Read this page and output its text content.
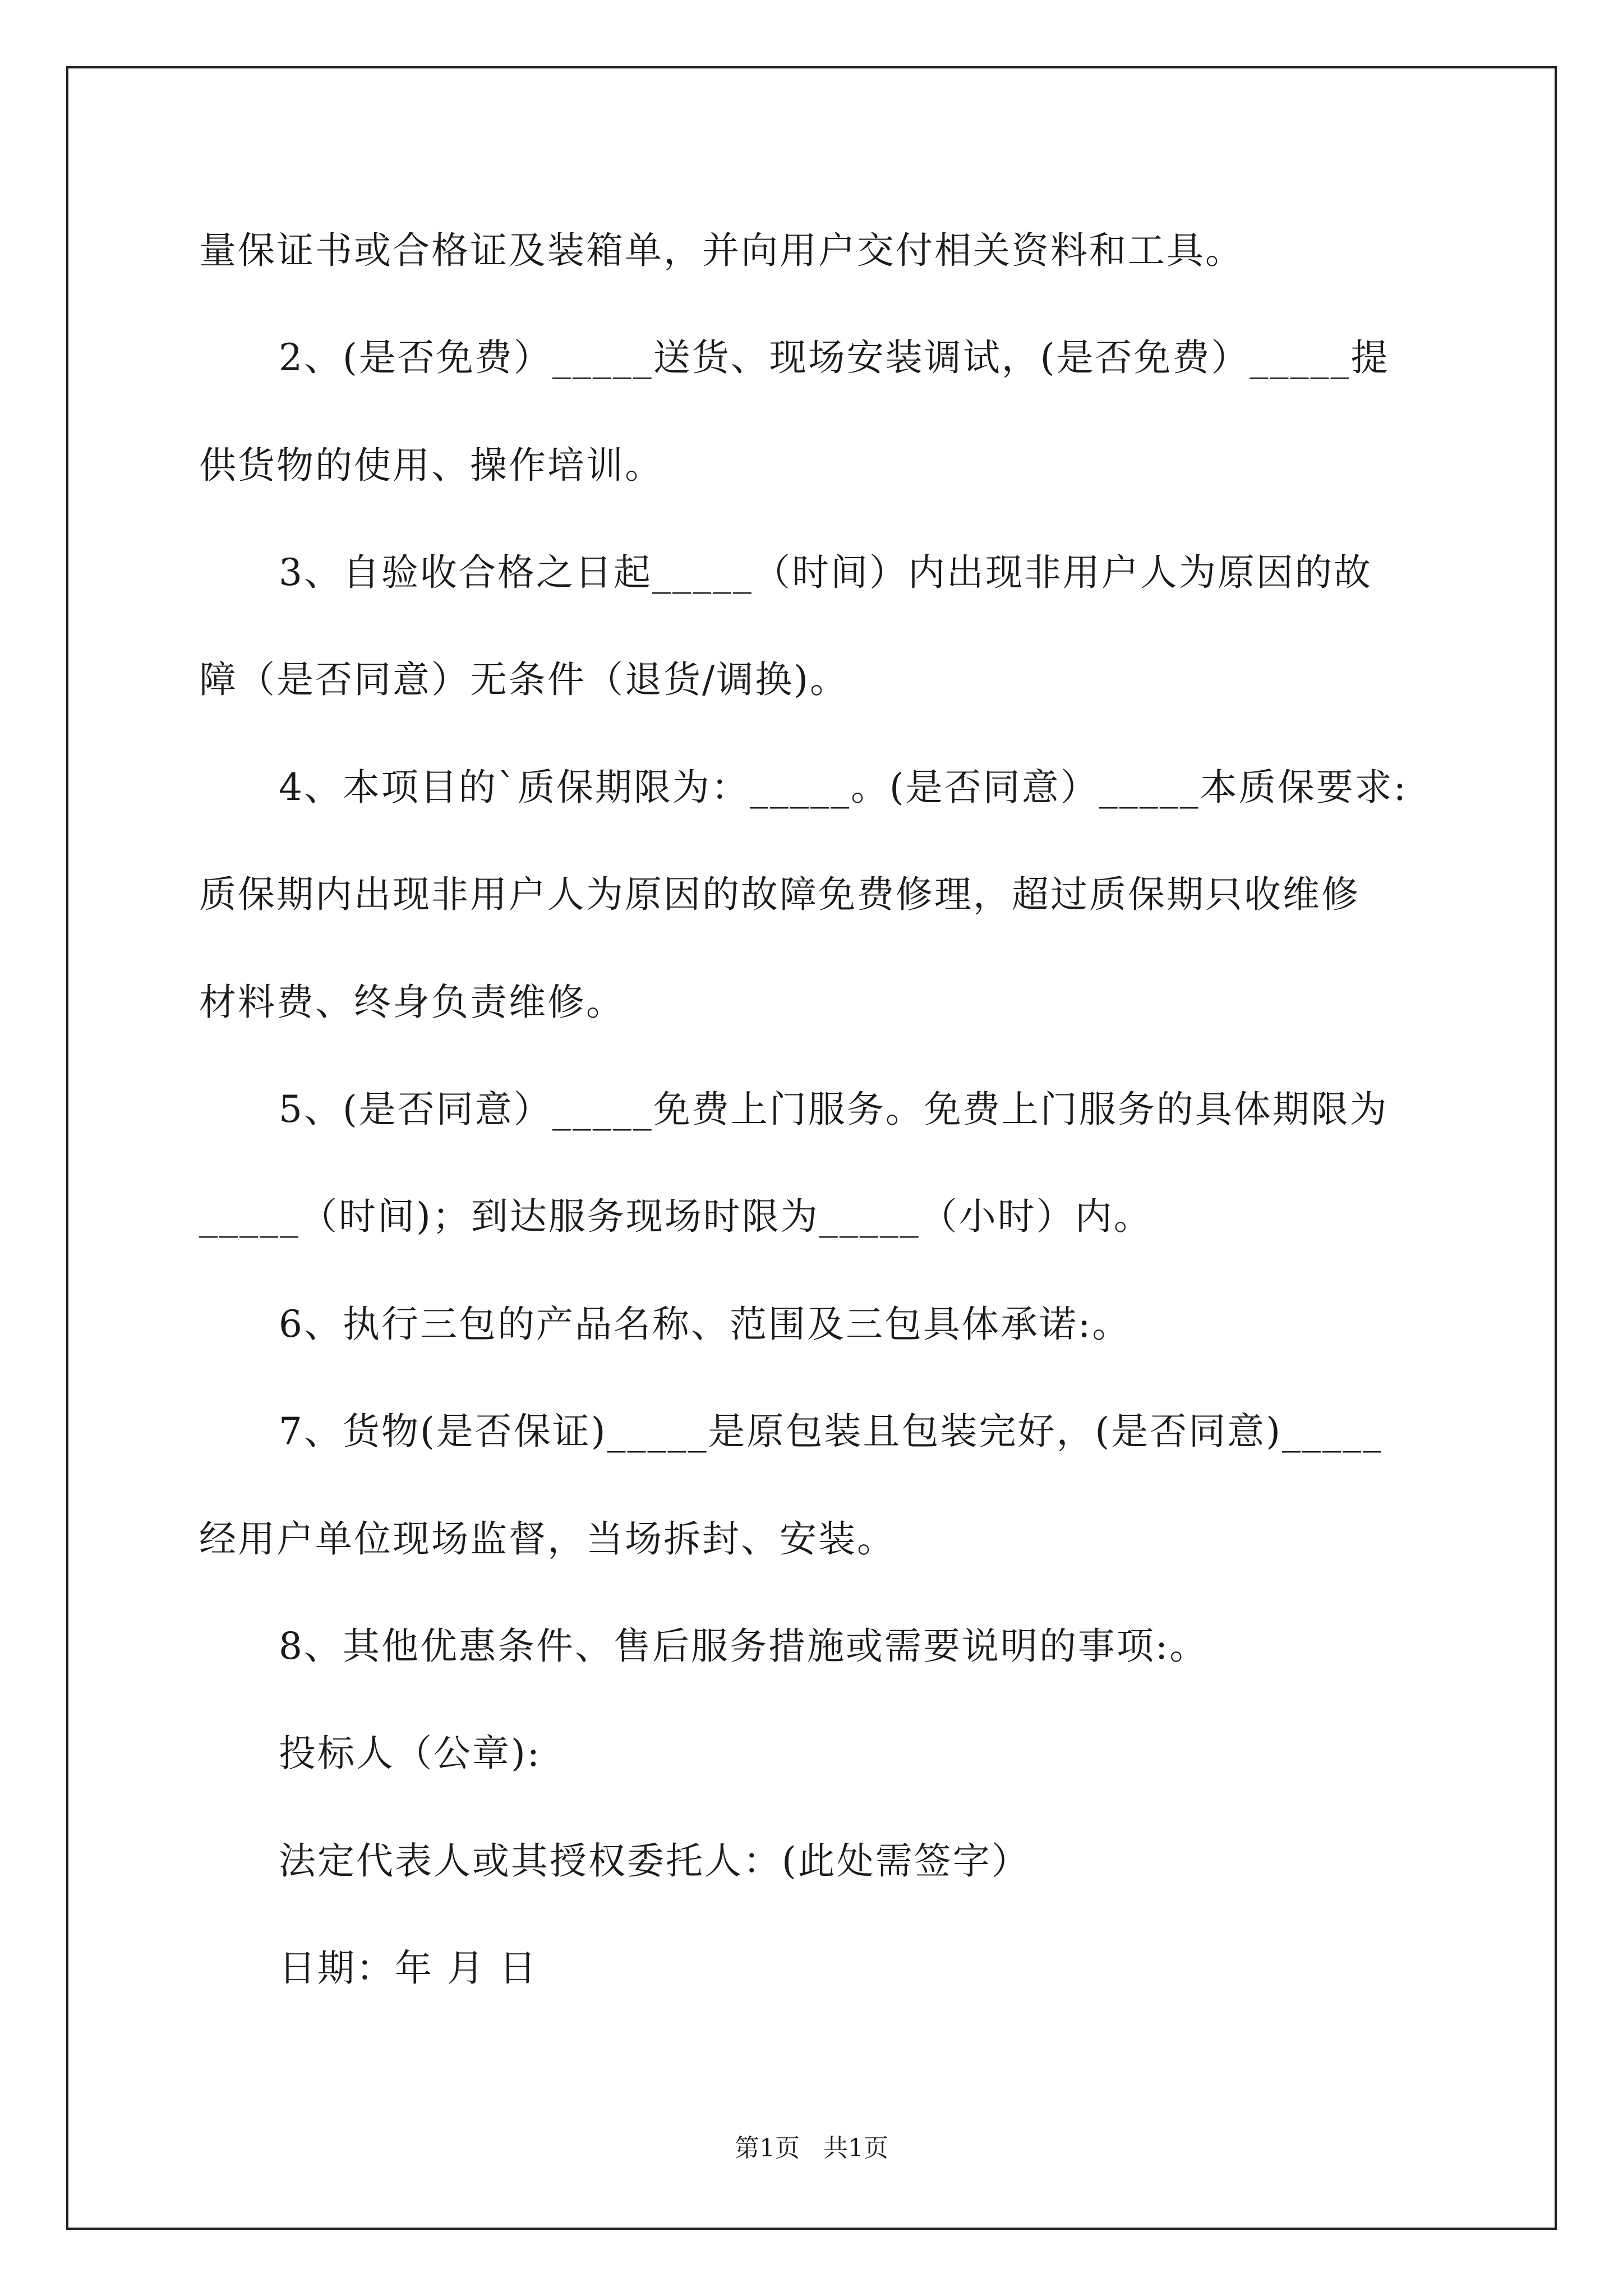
量保证书或合格证及装箱单，并向用户交付相关资料和工具。
2、(是否免费）_____送货、现场安装调试，(是否免费）_____提
供货物的使用、操作培训。
3、自验收合格之日起_____（时间）内出现非用户人为原因的故
障（是否同意）无条件（退货/调换)。
4、本项目的`质保期限为：_____。(是否同意）_____本质保要求:
质保期内出现非用户人为原因的故障免费修理，超过质保期只收维修
材料费、终身负责维修。
5、(是否同意）_____免费上门服务。免费上门服务的具体期限为
_____（时间)；到达服务现场时限为_____（小时）内。
6、执行三包的产品名称、范围及三包具体承诺:。
7、货物(是否保证)_____是原包装且包装完好，(是否同意)_____
经用户单位现场监督，当场拆封、安装。
8、其他优惠条件、售后服务措施或需要说明的事项:。
投标人（公章):
法定代表人或其授权委托人：(此处需签字）
日期：年 月 日
第1页   共1页
